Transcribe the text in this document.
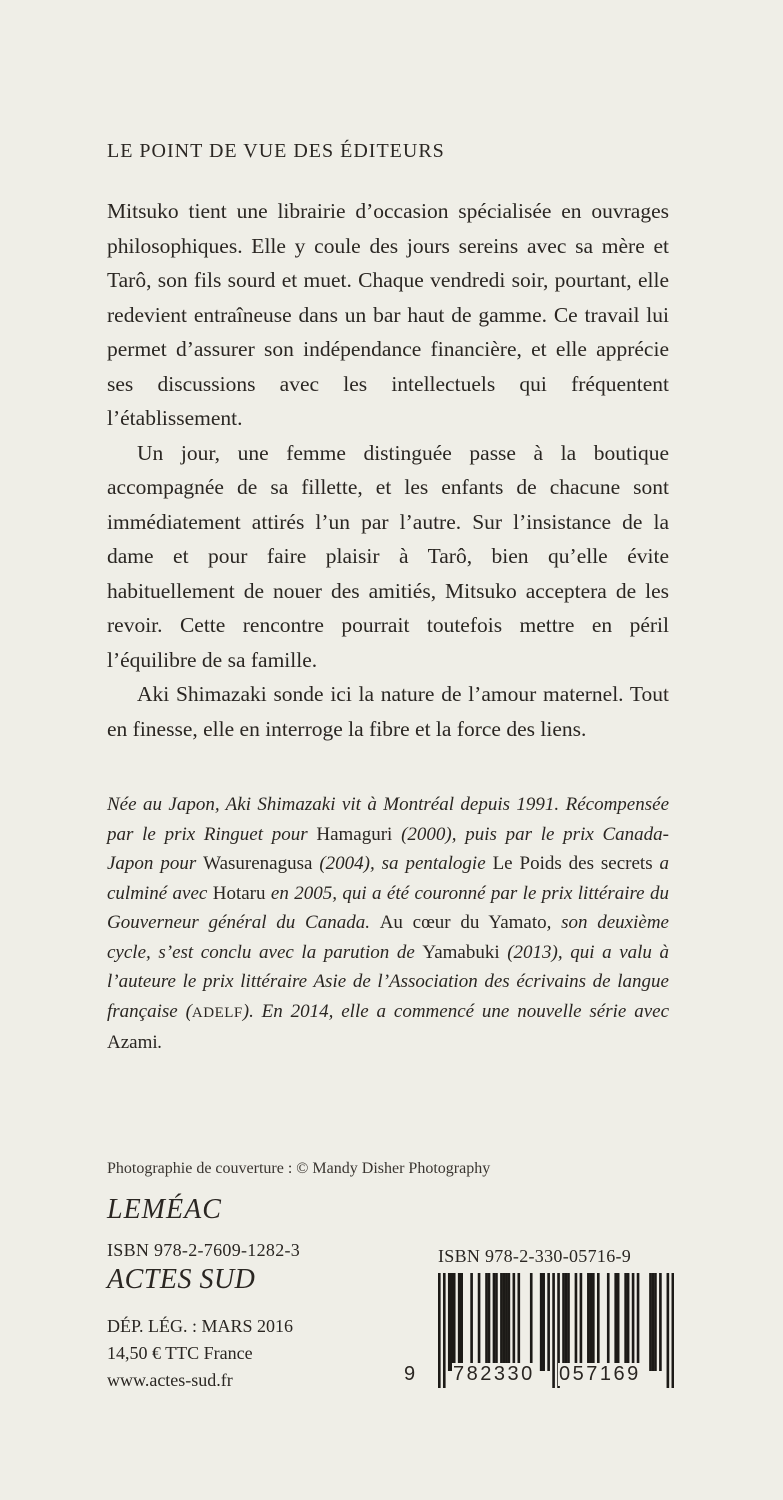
LE POINT DE VUE DES ÉDITEURS

Mitsuko tient une librairie d’occasion spécialisée en ouvrages philosophiques. Elle y coule des jours sereins avec sa mère et Tarô, son fils sourd et muet. Chaque vendredi soir, pourtant, elle redevient entraîneuse dans un bar haut de gamme. Ce travail lui permet d’assurer son indépendance financière, et elle apprécie ses discussions avec les intellectuels qui fréquentent l’établissement.

Un jour, une femme distinguée passe à la boutique accompagnée de sa fillette, et les enfants de chacune sont immédiatement attirés l’un par l’autre. Sur l’insistance de la dame et pour faire plaisir à Tarô, bien qu’elle évite habituellement de nouer des amitiés, Mitsuko acceptera de les revoir. Cette rencontre pourrait toutefois mettre en péril l’équilibre de sa famille.

Aki Shimazaki sonde ici la nature de l’amour maternel. Tout en finesse, elle en interroge la fibre et la force des liens.

Née au Japon, Aki Shimazaki vit à Montréal depuis 1991. Récompensée par le prix Ringuet pour Hamaguri (2000), puis par le prix Canada-Japon pour Wasurenagusa (2004), sa pentalogie Le Poids des secrets a culminé avec Hotaru en 2005, qui a été couronné par le prix littéraire du Gouverneur général du Canada. Au cœur du Yamato, son deuxième cycle, s’est conclu avec la parution de Yamabuki (2013), qui a valu à l’auteure le prix littéraire Asie de l’Association des écrivains de langue française (ADELF). En 2014, elle a commencé une nouvelle série avec Azami.
Photographie de couverture : © Mandy Disher Photography
LEMÉAC
ISBN 978-2-7609-1282-3
ACTES SUD
DÉP. LÉG. : MARS 2016
14,50 € TTC France
www.actes-sud.fr
ISBN 978-2-330-05716-9
9 782330 057169
